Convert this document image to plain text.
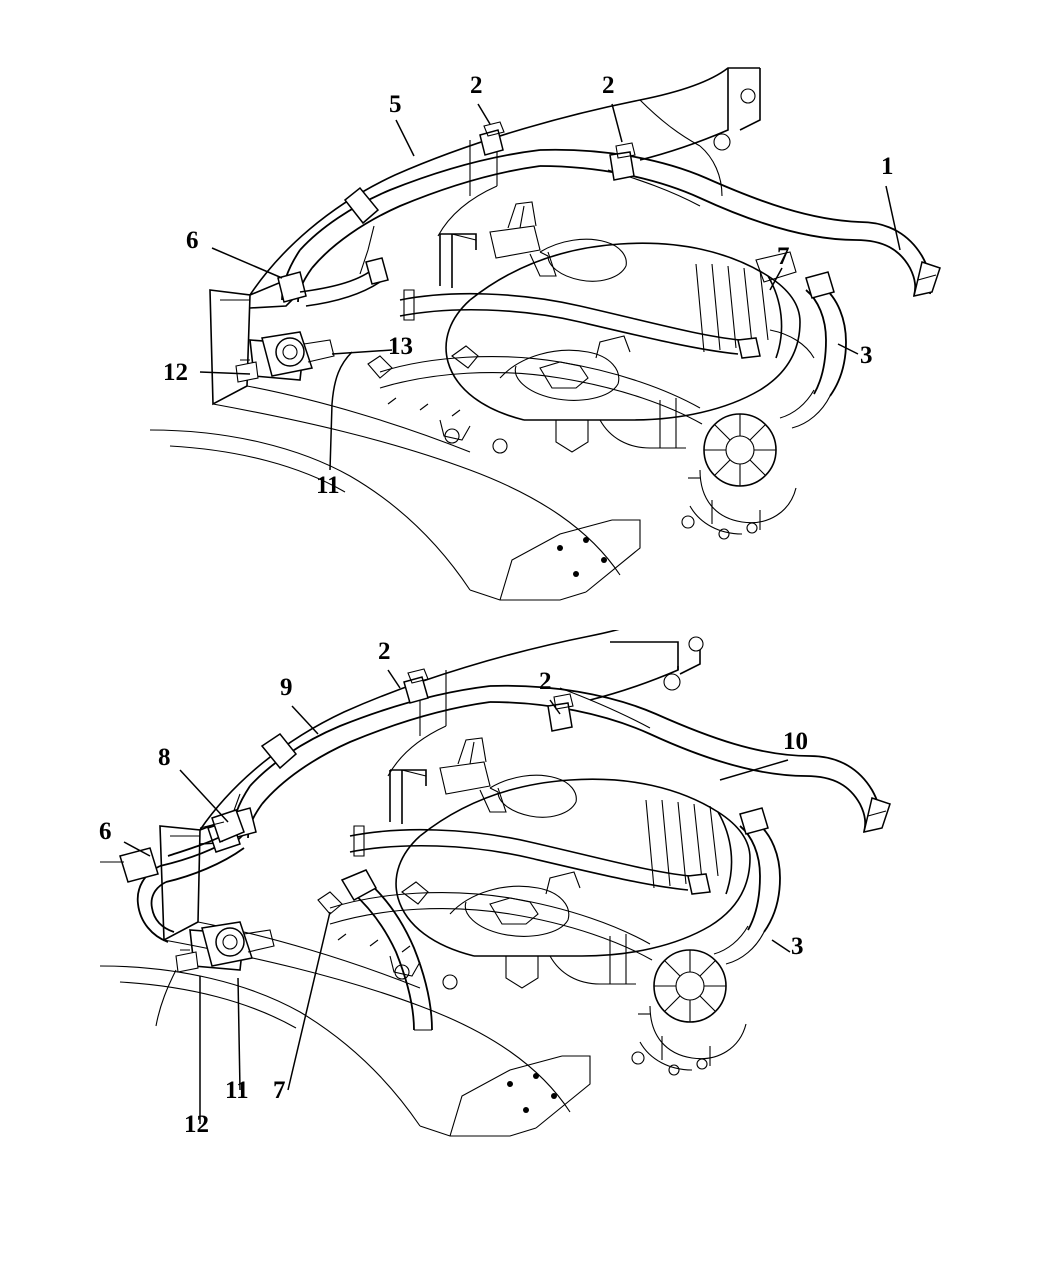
5
2	2
1
6
7
3
13
12
11
2
9	2
10
8
6
3
11 7
12
